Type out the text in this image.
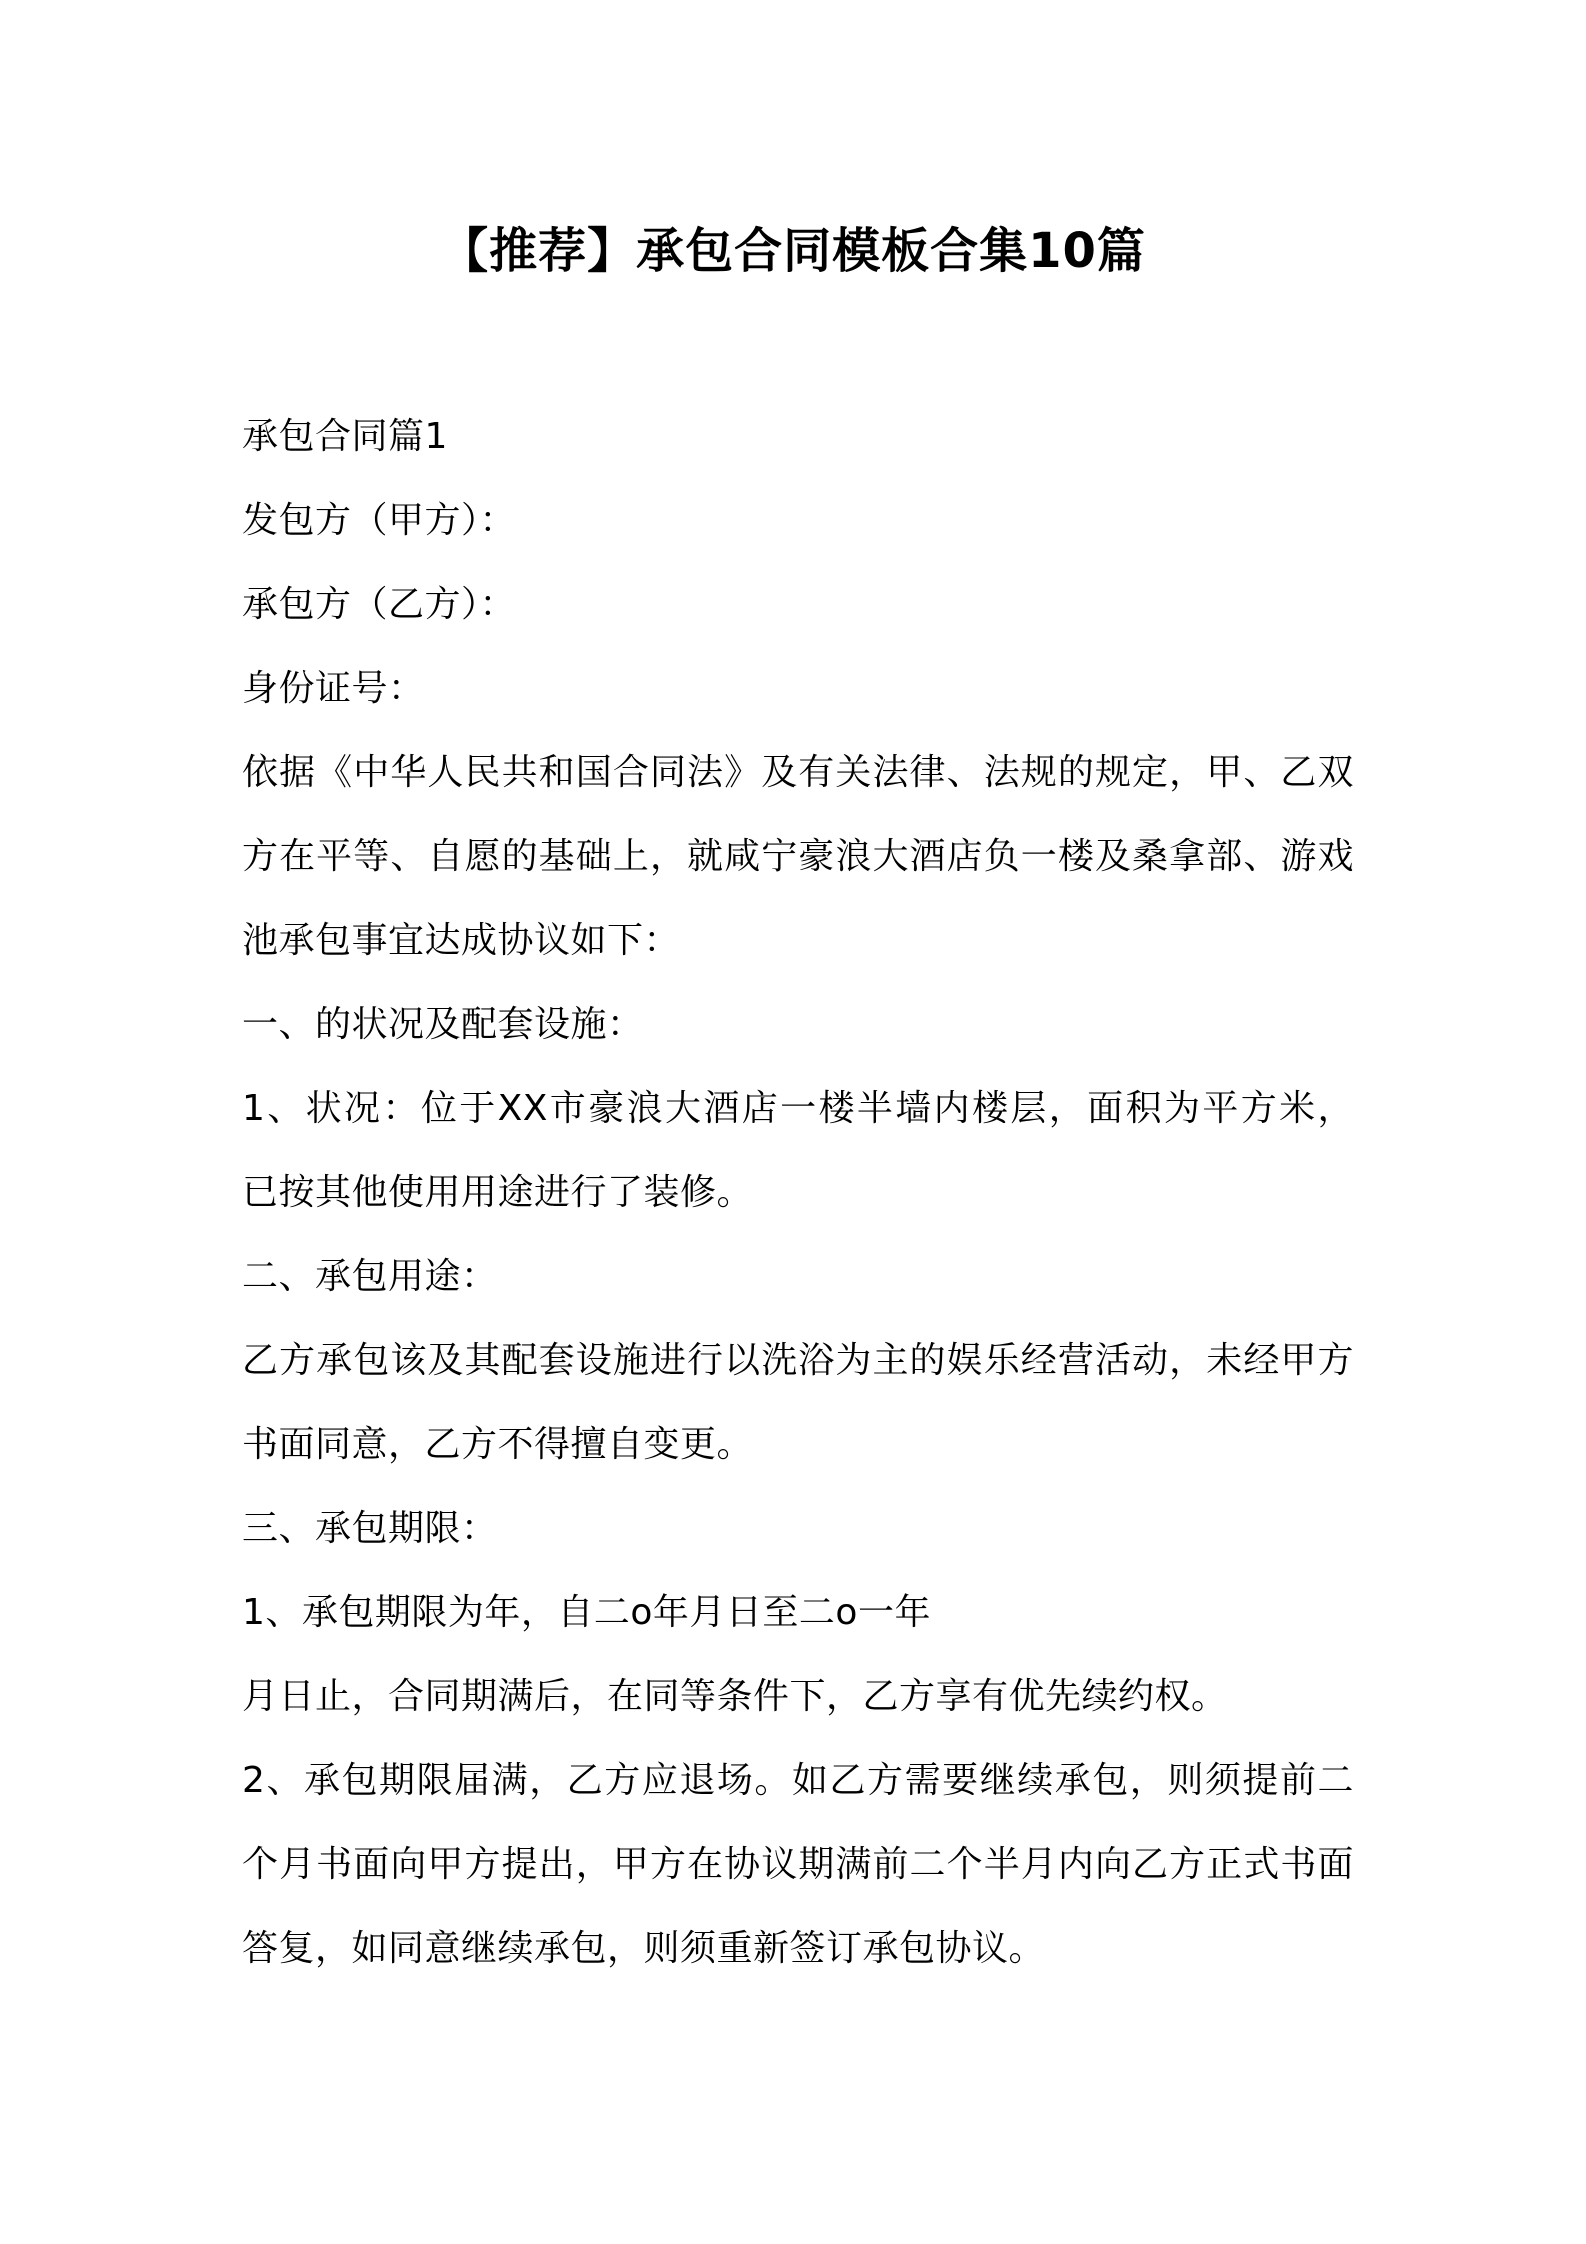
【推荐】承包合同模板合集10篇
承包合同篇1
发包方（甲方）：
承包方（乙方）：
身份证号：
依据《中华人民共和国合同法》及有关法律、法规的规定，甲、乙双
方在平等、自愿的基础上，就咸宁豪浪大酒店负一楼及桑拿部、游戏
池承包事宜达成协议如下：
一、的状况及配套设施：
1、状况：位于XX市豪浪大酒店一楼半墙内楼层，面积为平方米，
已按其他使用用途进行了装修。
二、承包用途：
乙方承包该及其配套设施进行以洗浴为主的娱乐经营活动，未经甲方
书面同意，乙方不得擅自变更。
三、承包期限：
1、承包期限为年，自二o年月日至二o一年
月日止，合同期满后，在同等条件下，乙方享有优先续约权。
2、承包期限届满，乙方应退场。如乙方需要继续承包，则须提前二
个月书面向甲方提出，甲方在协议期满前二个半月内向乙方正式书面
答复，如同意继续承包，则须重新签订承包协议。
